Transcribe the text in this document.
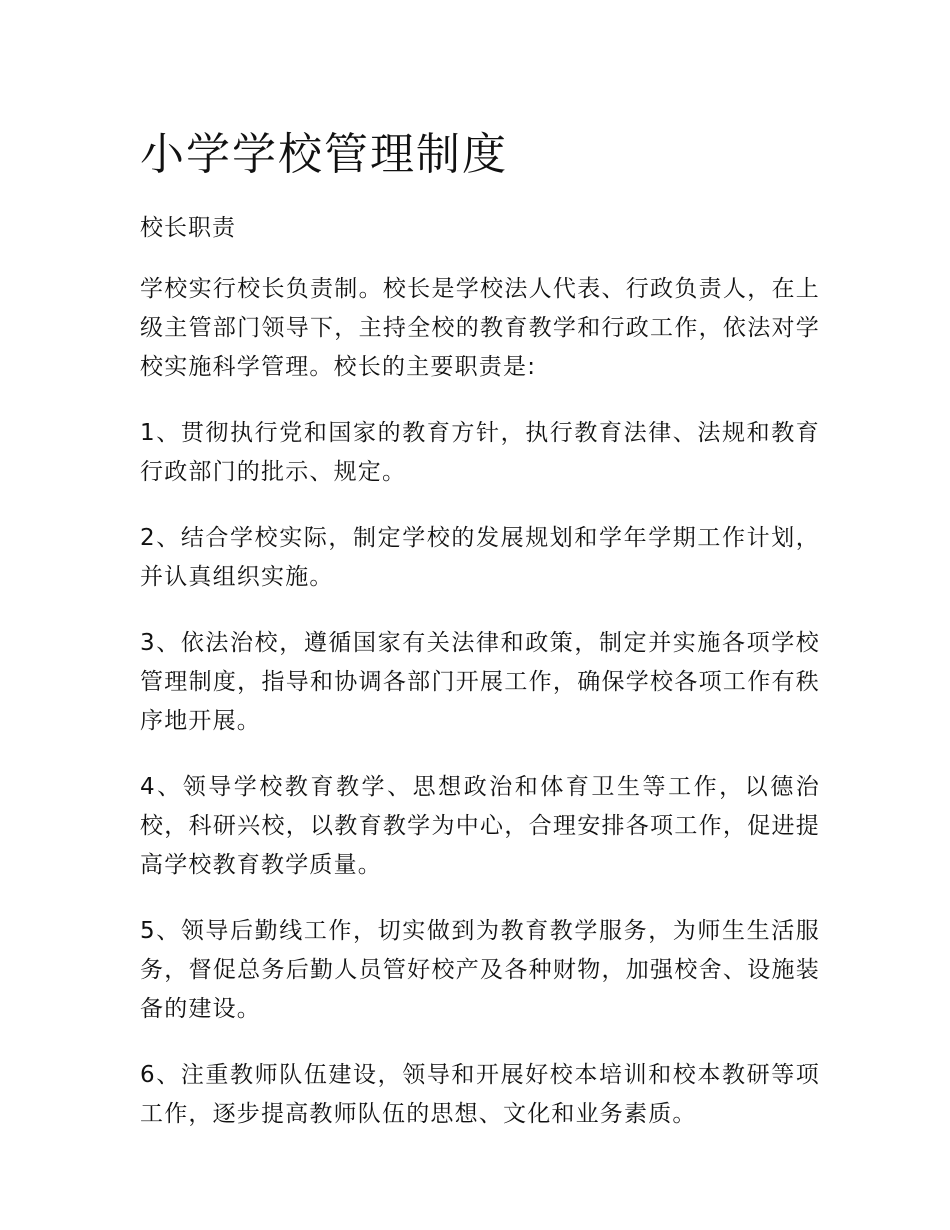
小学学校管理制度
校长职责

学校实行校长负责制。校长是学校法人代表、行政负责人，在上级主管部门领导下，主持全校的教育教学和行政工作，依法对学校实施科学管理。校长的主要职责是:

1、贯彻执行党和国家的教育方针，执行教育法律、法规和教育行政部门的批示、规定。

2、结合学校实际，制定学校的发展规划和学年学期工作计划，并认真组织实施。

3、依法治校，遵循国家有关法律和政策，制定并实施各项学校管理制度，指导和协调各部门开展工作，确保学校各项工作有秩序地开展。

4、领导学校教育教学、思想政治和体育卫生等工作，以德治校，科研兴校，以教育教学为中心，合理安排各项工作，促进提高学校教育教学质量。

5、领导后勤线工作，切实做到为教育教学服务，为师生生活服务，督促总务后勤人员管好校产及各种财物，加强校舍、设施装备的建设。

6、注重教师队伍建设，领导和开展好校本培训和校本教研等项工作，逐步提高教师队伍的思想、文化和业务素质。
